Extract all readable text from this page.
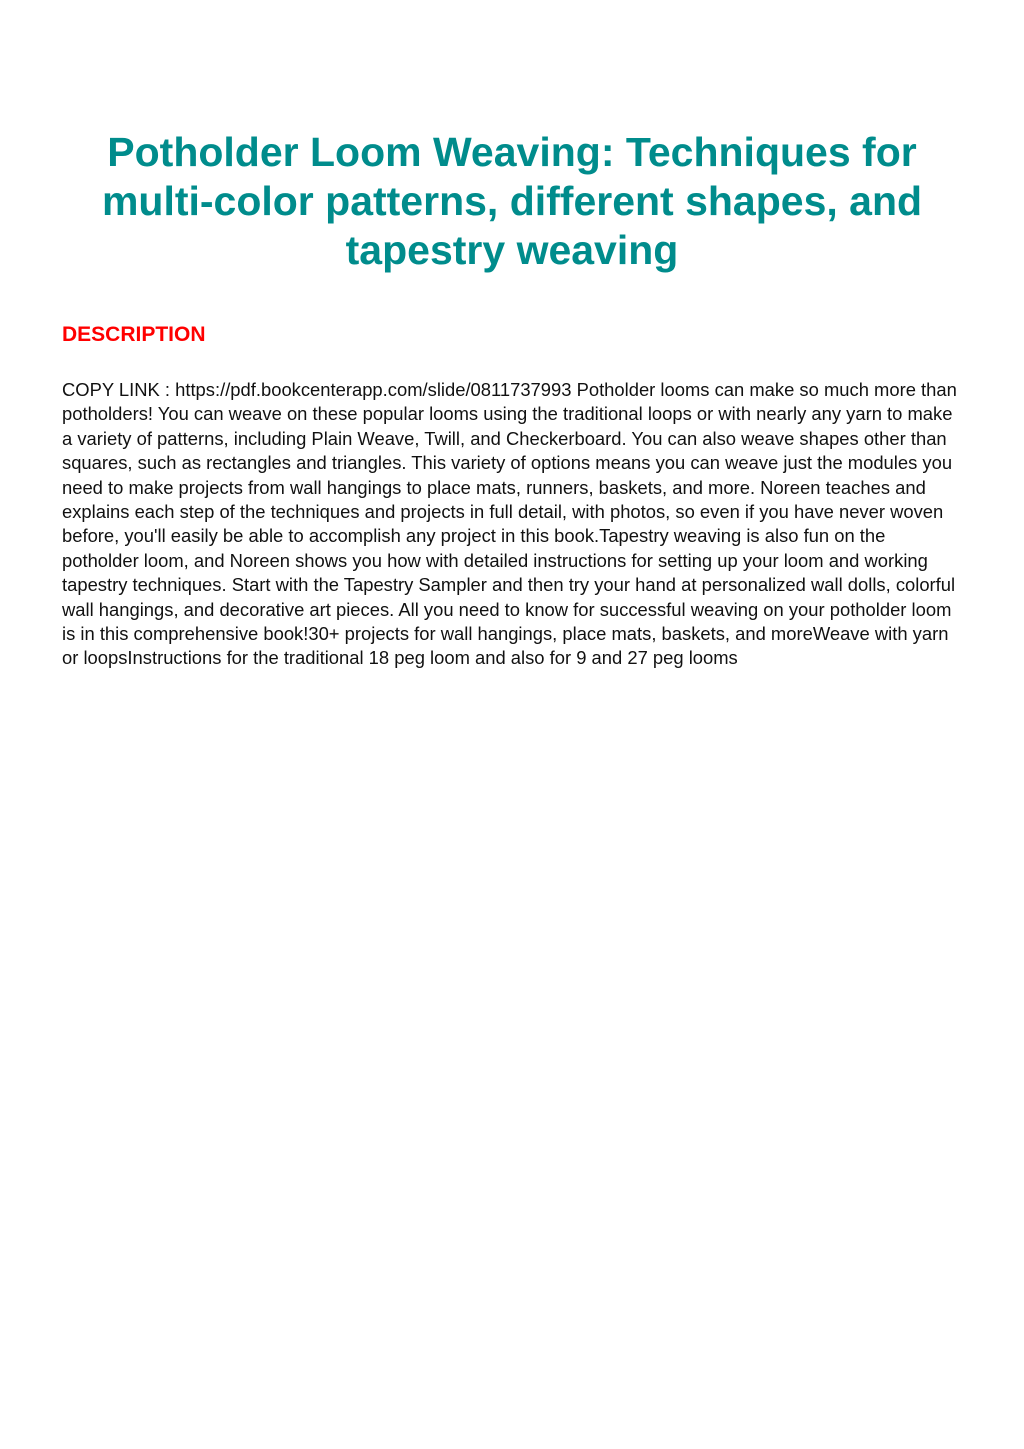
Potholder Loom Weaving: Techniques for multi-color patterns, different shapes, and tapestry weaving
DESCRIPTION

COPY LINK : https://pdf.bookcenterapp.com/slide/0811737993 Potholder looms can make so much more than potholders! You can weave on these popular looms using the traditional loops or with nearly any yarn to make a variety of patterns, including Plain Weave, Twill, and Checkerboard. You can also weave shapes other than squares, such as rectangles and triangles. This variety of options means you can weave just the modules you need to make projects from wall hangings to place mats, runners, baskets, and more. Noreen teaches and explains each step of the techniques and projects in full detail, with photos, so even if you have never woven before, you'll easily be able to accomplish any project in this book.Tapestry weaving is also fun on the potholder loom, and Noreen shows you how with detailed instructions for setting up your loom and working tapestry techniques. Start with the Tapestry Sampler and then try your hand at personalized wall dolls, colorful wall hangings, and decorative art pieces. All you need to know for successful weaving on your potholder loom is in this comprehensive book!30+ projects for wall hangings, place mats, baskets, and moreWeave with yarn or loopsInstructions for the traditional 18 peg loom and also for 9 and 27 peg looms
